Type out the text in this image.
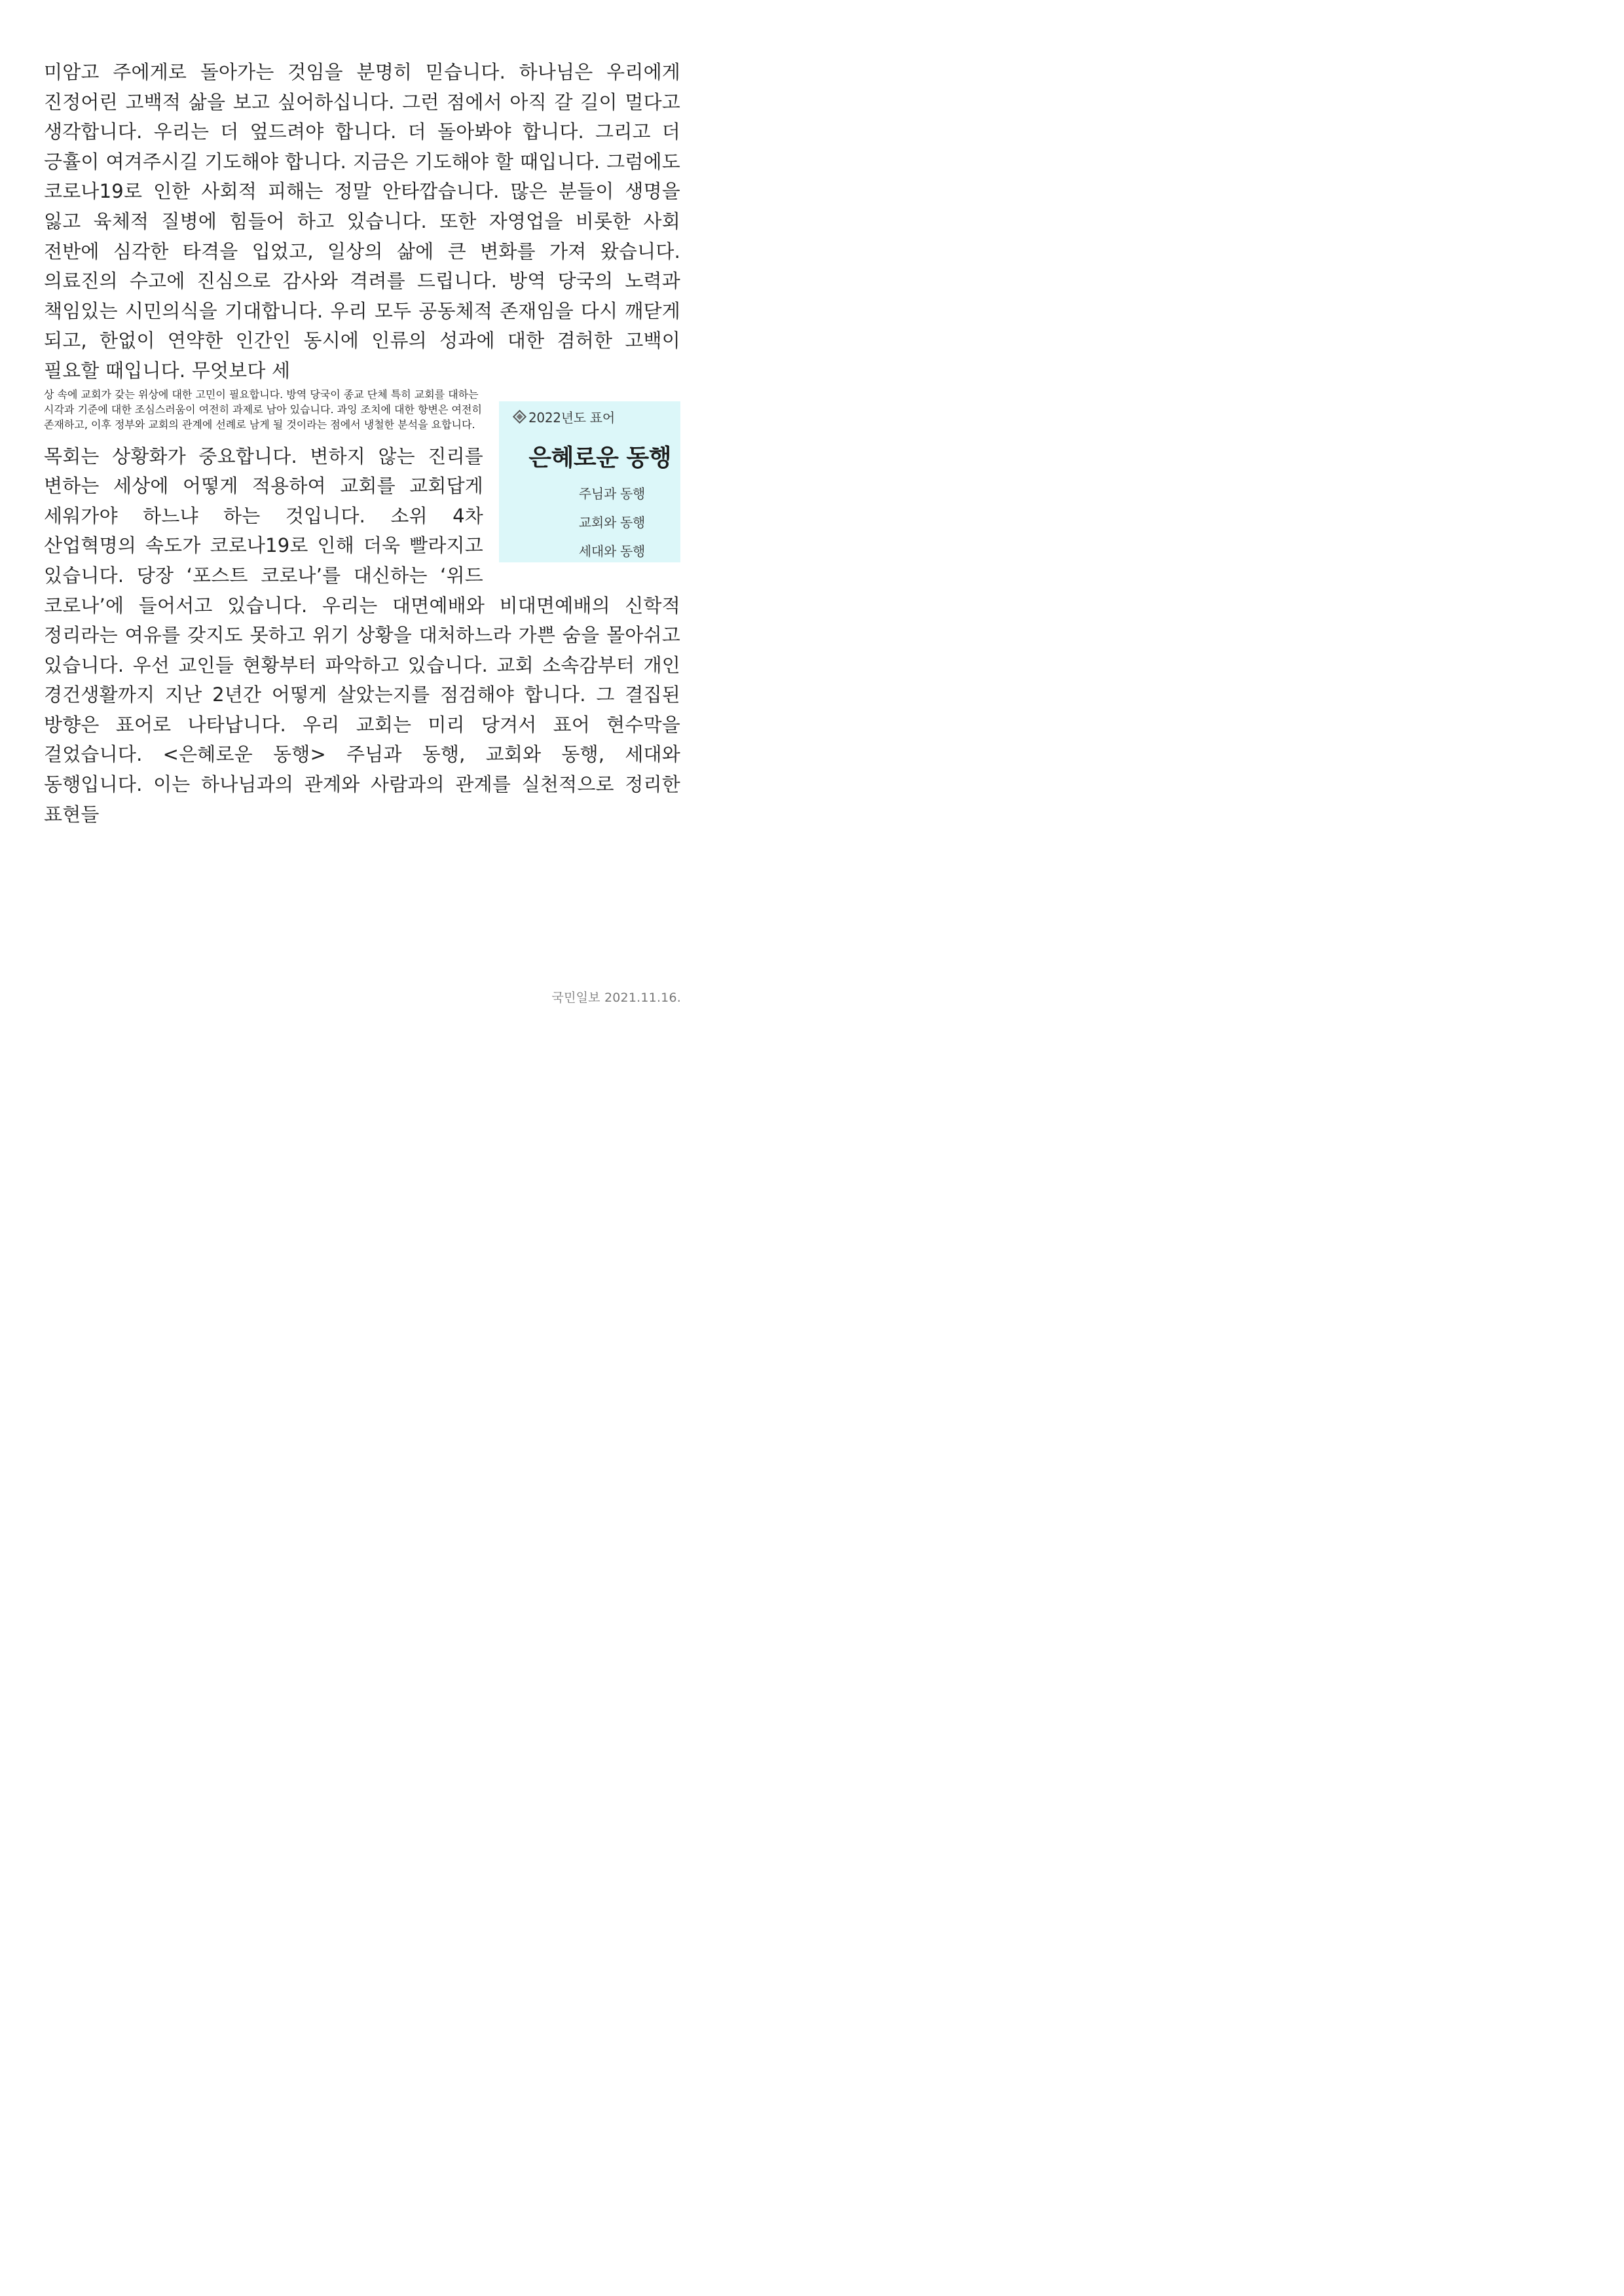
미암고 주에게로 돌아가는 것임을 분명히 믿습니다. 하나님은 우리에게 진정어린 고백적 삶을 보고 싶어하십니다. 그런 점에서 아직 갈 길이 멀다고 생각합니다. 우리는 더 엎드려야 합니다. 더 돌아봐야 합니다. 그리고 더 긍휼이 여겨주시길 기도해야 합니다. 지금은 기도해야 할 때입니다. 그럼에도 코로나19로 인한 사회적 피해는 정말 안타깝습니다. 많은 분들이 생명을 잃고 육체적 질병에 힘들어 하고 있습니다. 또한 자영업을 비롯한 사회 전반에 심각한 타격을 입었고, 일상의 삶에 큰 변화를 가져 왔습니다. 의료진의 수고에 진심으로 감사와 격려를 드립니다. 방역 당국의 노력과 책임있는 시민의식을 기대합니다. 우리 모두 공동체적 존재임을 다시 깨닫게 되고, 한없이 연약한 인간인 동시에 인류의 성과에 대한 겸허한 고백이 필요할 때입니다. 무엇보다 세

2022년도 표어
은혜로운 동행
주님과 동행
교회와 동행
세대와 동행
상 속에 교회가 갖는 위상에 대한 고민이 필요합니다. 방역 당국이 종교 단체 특히 교회를 대하는 시각과 기준에 대한 조심스러움이 여전히 과제로 남아 있습니다. 과잉 조치에 대한 항변은 여전히 존재하고, 이후 정부와 교회의 관계에 선례로 남게 될 것이라는 점에서 냉철한 분석을 요합니다.

목회는 상황화가 중요합니다. 변하지 않는 진리를 변하는 세상에 어떻게 적용하여 교회를 교회답게 세워가야 하느냐 하는 것입니다. 소위 4차 산업혁명의 속도가 코로나19로 인해 더욱 빨라지고 있습니다. 당장 ‘포스트 코로나’를 대신하는 ‘위드 코로나’에 들어서고 있습니다. 우리는 대면예배와 비대면예배의 신학적 정리라는 여유를 갖지도 못하고 위기 상황을 대처하느라 가쁜 숨을 몰아쉬고 있습니다. 우선 교인들 현황부터 파악하고 있습니다. 교회 소속감부터 개인 경건생활까지 지난 2년간 어떻게 살았는지를 점검해야 합니다. 그 결집된 방향은 표어로 나타납니다. 우리 교회는 미리 당겨서 표어 현수막을 걸었습니다. <은혜로운 동행> 주님과 동행, 교회와 동행, 세대와 동행입니다. 이는 하나님과의 관계와 사람과의 관계를 실천적으로 정리한 표현들

국민일보 2021.11.16.
